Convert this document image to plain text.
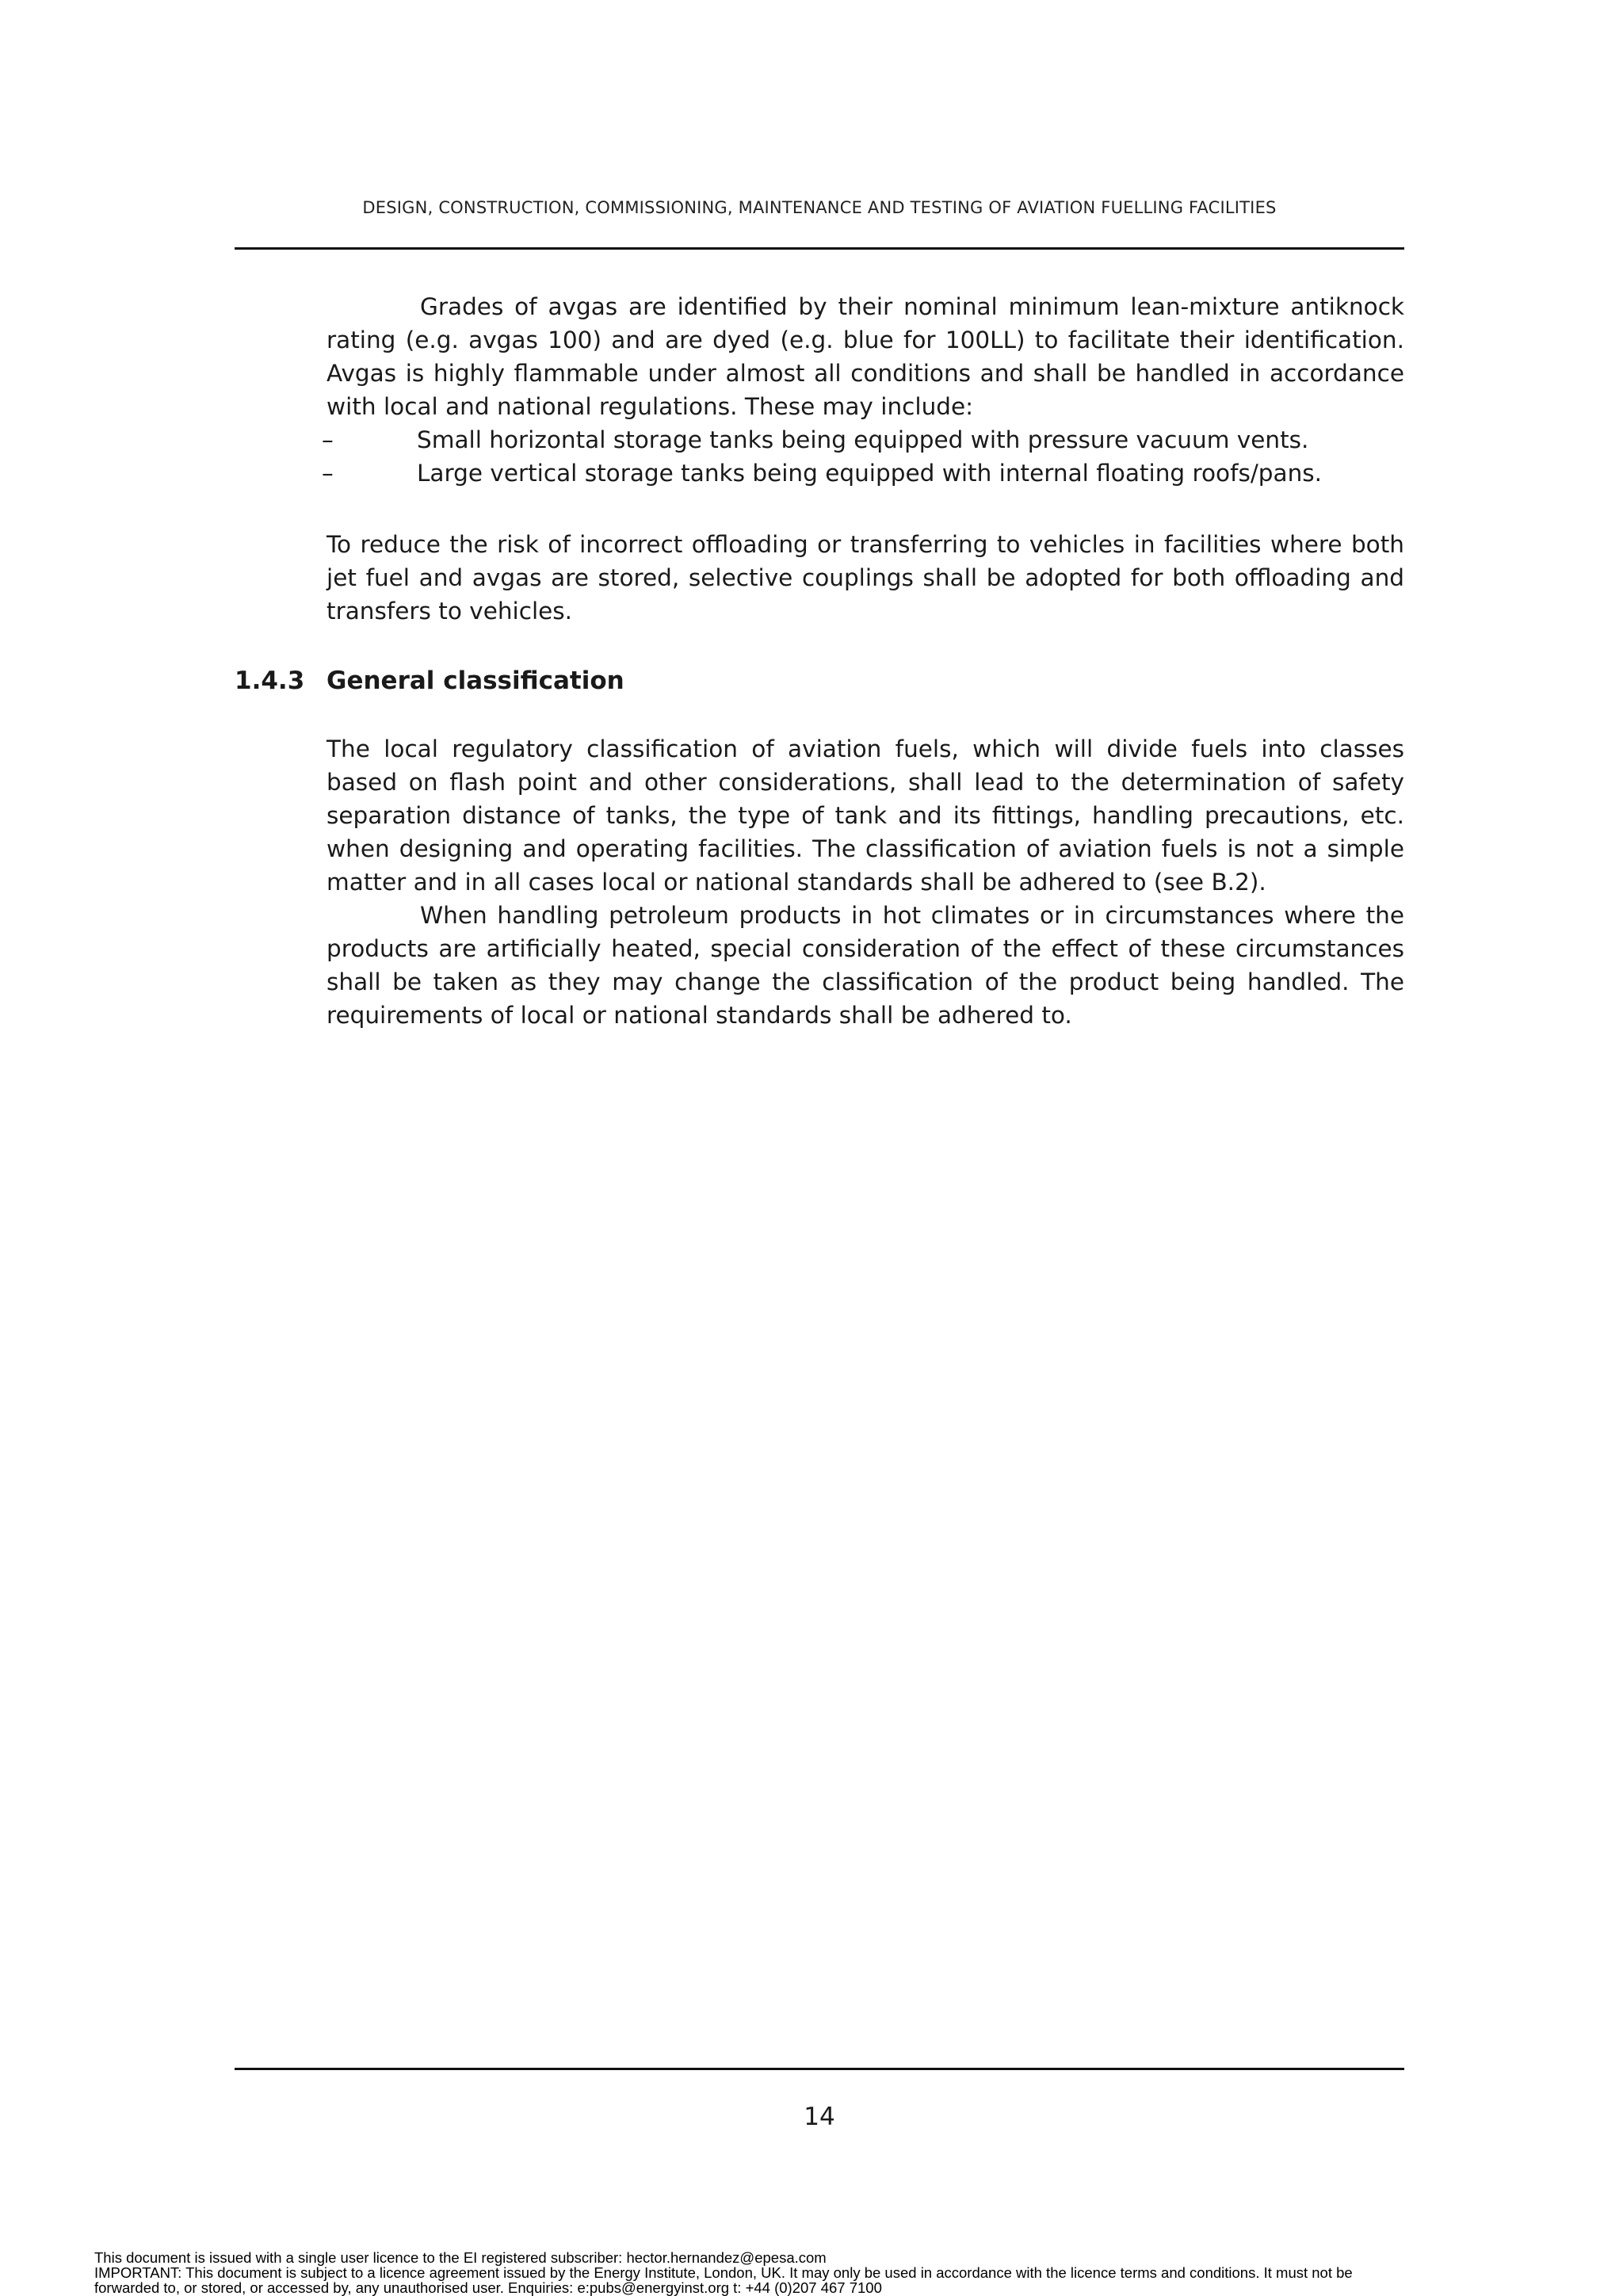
DESIGN, CONSTRUCTION, COMMISSIONING, MAINTENANCE AND TESTING OF AVIATION FUELLING FACILITIES

Grades of avgas are identified by their nominal minimum lean-mixture antiknock rating (e.g. avgas 100) and are dyed (e.g. blue for 100LL) to facilitate their identification. Avgas is highly flammable under almost all conditions and shall be handled in accordance with local and national regulations. These may include:

–	Small horizontal storage tanks being equipped with pressure vacuum vents.
–	Large vertical storage tanks being equipped with internal floating roofs/pans.

To reduce the risk of incorrect offloading or transferring to vehicles in facilities where both jet fuel and avgas are stored, selective couplings shall be adopted for both offloading and transfers to vehicles.

1.4.3 General classification

The local regulatory classification of aviation fuels, which will divide fuels into classes based on flash point and other considerations, shall lead to the determination of safety separation distance of tanks, the type of tank and its fittings, handling precautions, etc. when designing and operating facilities. The classification of aviation fuels is not a simple matter and in all cases local or national standards shall be adhered to (see B.2).

When handling petroleum products in hot climates or in circumstances where the products are artificially heated, special consideration of the effect of these circumstances shall be taken as they may change the classification of the product being handled. The requirements of local or national standards shall be adhered to.

14
This document is issued with a single user licence to the EI registered subscriber: hector.hernandez@epesa.com
IMPORTANT: This document is subject to a licence agreement issued by the Energy Institute, London, UK. It may only be used in accordance with the licence terms and conditions. It must not be
forwarded to, or stored, or accessed by, any unauthorised user. Enquiries: e:pubs@energyinst.org t: +44 (0)207 467 7100
